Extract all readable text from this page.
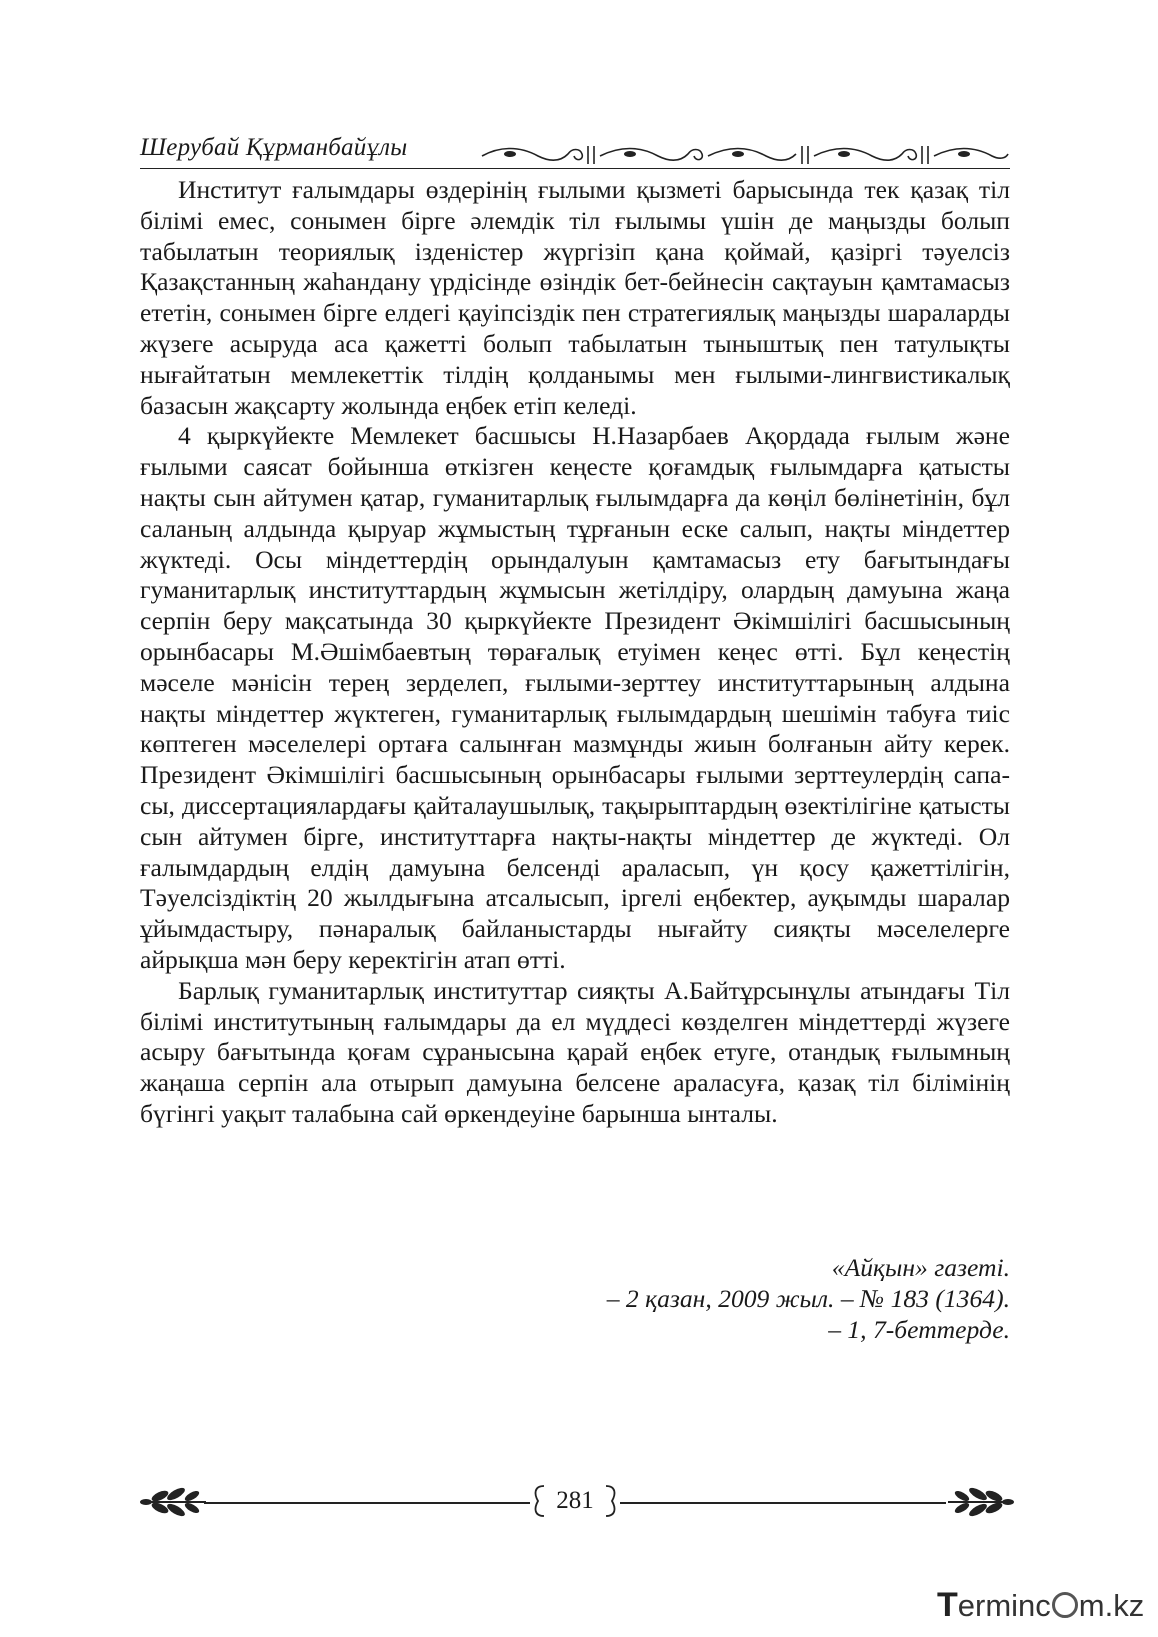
Шерубай Құрманбайұлы

Институт ғалымдары өздерінің ғылыми қызметі барысында тек қазақ тіл білімі емес, сонымен бірге әлемдік тіл ғылымы үшін де маңызды болып табылатын теориялық ізденістер жүргізіп қана қоймай, қазіргі тәуелсіз Қазақстанның жаһандану үрдісінде өзіндік бет-бейнесін сақтауын қамтамасыз ететін, сонымен бірге елдегі қауіпсіздік пен стратегиялық маңызды шараларды жүзеге асыруда аса қажетті болып табылатын тыныштық пен татулықты нығайтатын мемлекеттік тілдің қолданымы мен ғылыми-лингвистикалық базасын жақсарту жолында еңбек етіп келеді.

4 қыркүйекте Мемлекет басшысы Н.Назарбаев Ақордада ғылым және ғылыми саясат бойынша өткізген кеңесте қоғамдық ғылымдарға қатысты нақты сын айтумен қатар, гуманитарлық ғылымдарға да көңіл бөлінетінін, бұл саланың алдында қыруар жұмыстың тұрғанын еске салып, нақты міндеттер жүктеді. Осы міндеттердің орындалуын қамтамасыз ету бағытындағы гуманитарлық институттардың жұмысын жетілдіру, олардың дамуына жаңа серпін беру мақсатында 30 қыркүйекте Президент Әкімшілігі басшысының орынбасары М.Әшімбаевтың төрағалық етуімен кеңес өтті. Бұл кеңестің мәселе мәнісін терең зерделеп, ғылыми-зерттеу институттарының алдына нақты міндеттер жүктеген, гуманитарлық ғылымдардың шешімін табуға тиіс көптеген мәселелері ортаға салынған мазмұнды жиын болғанын айту керек. Президент Әкімшілігі басшысының орынбасары ғылыми зерттеулердің сапасы, диссертациялардағы қайталаушылық, тақырыптардың өзектілігіне қатысты сын айтумен бірге, институттарға нақты-нақты міндеттер де жүктеді. Ол ғалымдардың елдің дамуына белсенді араласып, үн қосу қажеттілігін, Тәуелсіздіктің 20 жылдығына атсалысып, іргелі еңбектер, ауқымды шаралар ұйымдастыру, пәнаралық байланыстарды нығайту сияқты мәселелерге айрықша мән беру керектігін атап өтті.

Барлық гуманитарлық институттар сияқты А.Байтұрсынұлы атындағы Тіл білімі институтының ғалымдары да ел мүддесі көзделген міндеттерді жүзеге асыру бағытында қоғам сұранысына қарай еңбек етуге, отандық ғылымның жаңаша серпін ала отырып дамуына белсене араласуға, қазақ тіл білімінің бүгінгі уақыт талабына сай өркендеуіне барынша ынталы.

«Айқын» газеті.
– 2 қазан, 2009 жыл. – № 183 (1364).
– 1, 7-беттерде.
281
Terminc m.kz
